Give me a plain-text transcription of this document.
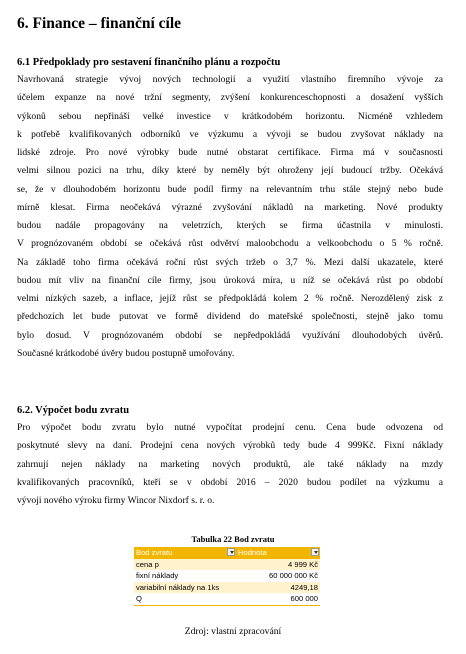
6. Finance – finanční cíle
6.1 Předpoklady pro sestavení finančního plánu a rozpočtu
Navrhovaná strategie vývoj nových technologií a využití vlastního firemního vývoje za
účelem expanze na nové tržní segmenty, zvýšení konkurenceschopnosti a dosažení vyšších
výkonů sebou nepřináší velké investice v krátkodobém horizontu. Nicméně vzhledem
k potřebě kvalifikovaných odborníků ve výzkumu a vývoji se budou zvyšovat náklady na
lidské zdroje. Pro nové výrobky bude nutné obstarat certifikace. Firma má v současnosti
velmi silnou pozici na trhu, díky které by neměly být ohroženy její budoucí tržby. Očekává
se, že v dlouhodobém horizontu bude podíl firmy na relevantním trhu stále stejný nebo bude
mírně klesat. Firma neočekává výrazné zvyšování nákladů na marketing. Nové produkty
budou nadále propagovány na veletrzích, kterých se firma účastnila v minulosti.
V prognózovaném období se očekává růst odvětví maloobchodu a velkoobchodu o 5 % ročně.
Na základě toho firma očekává roční růst svých tržeb o 3,7 %. Mezi další ukazatele, které
budou mít vliv na finanční cíle firmy, jsou úroková míra, u níž se očekává růst po období
velmi nízkých sazeb, a inflace, jejíž růst se předpokládá kolem 2 % ročně. Nerozdělený zisk z
předchozích let bude putovat ve formě dividend do mateřské společnosti, stejně jako tomu
bylo dosud. V prognózovaném období se nepředpokládá využívání dlouhodobých úvěrů.
Současné krátkodobé úvěry budou postupně umořovány.
6.2. Výpočet bodu zvratu
Pro výpočet bodu zvratu bylo nutné vypočítat prodejní cenu. Cena bude odvozena od
poskytnuté slevy na daní. Prodejní cena nových výrobků tedy bude 4 999Kč. Fixní náklady
zahrnují nejen náklady na marketing nových produktů, ale také náklady na mzdy
kvalifikovaných pracovníků, kteří se v období 2016 – 2020 budou podílet na výzkumu a
vývoji nového výroku firmy Wincor Nixdorf s. r. o.
Tabulka 22 Bod zvratu
Bod zvratu	Hodnota

cena p	4 999 Kč
fixní náklady	60 000 000 Kč
variabilní náklady na 1ks	4249,18
Q	600 000
Zdroj: vlastní zpracování
